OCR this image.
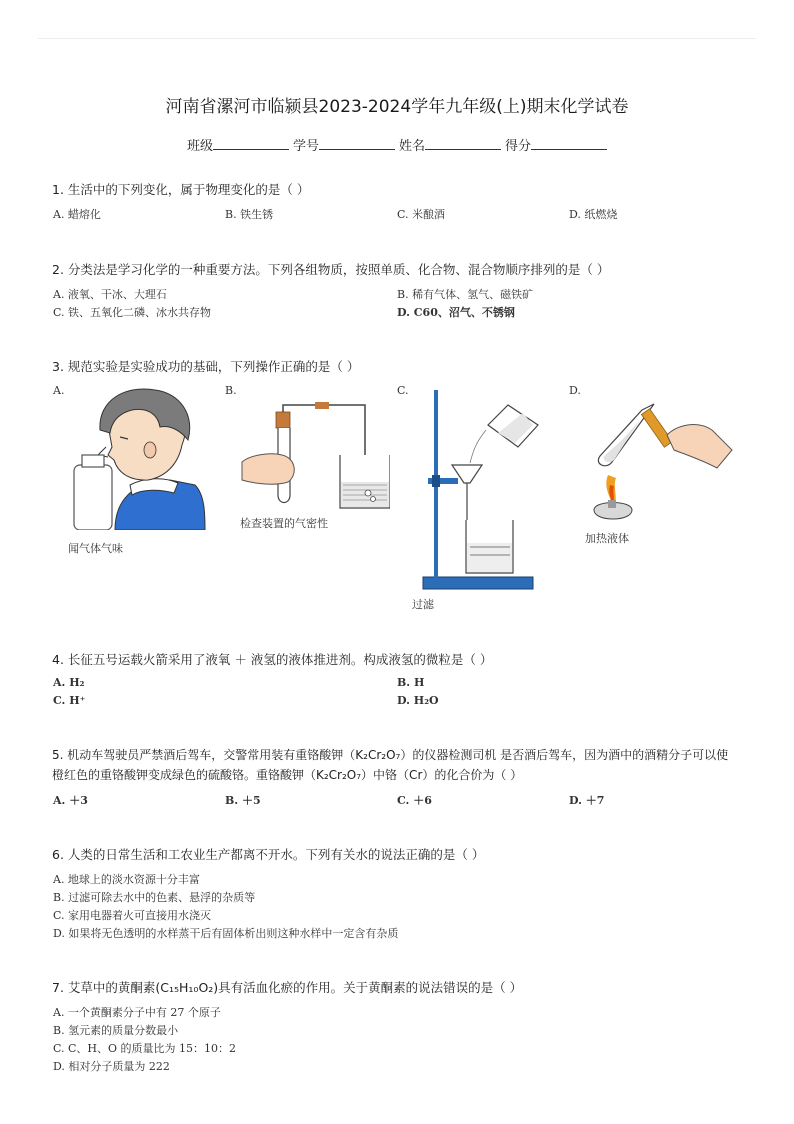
河南省漯河市临颍县2023-2024学年九年级(上)期末化学试卷
班级	学号	姓名	得分
1. 生活中的下列变化，属于物理变化的是（ ）
A. 蜡熔化	B. 铁生锈	C. 米酿酒	D. 纸燃烧
2. 分类法是学习化学的一种重要方法。下列各组物质，按照单质、化合物、混合物顺序排列的是（ ）
A. 液氧、干冰、大理石	B. 稀有气体、氢气、磁铁矿
C. 铁、五氧化二磷、冰水共存物	D. C60、沼气、不锈钢
3. 规范实验是实验成功的基础，下列操作正确的是（ ）
A.	B.	C.	D.
闻气体气味
检查装置的气密性
过滤
加热液体
4. 长征五号运载火箭采用了液氧 ＋ 液氢的液体推进剂。构成液氢的微粒是（ ）
A. H₂	B. H
C. H⁺	D. H₂O
5. 机动车驾驶员严禁酒后驾车，交警常用装有重铬酸钾（K₂Cr₂O₇）的仪器检测司机 是否酒后驾车，因为酒中的酒精分子可以使
橙红色的重铬酸钾变成绿色的硫酸铬。重铬酸钾（K₂Cr₂O₇）中铬（Cr）的化合价为（ ）
A. ＋3	B. ＋5	C. ＋6	D. ＋7
6. 人类的日常生活和工农业生产都离不开水。下列有关水的说法正确的是（ ）
A. 地球上的淡水资源十分丰富
B. 过滤可除去水中的色素、悬浮的杂质等
C. 家用电器着火可直接用水浇灭
D. 如果将无色透明的水样蒸干后有固体析出则这种水样中一定含有杂质
7. 艾草中的黄酮素(C₁₅H₁₀O₂)具有活血化瘀的作用。关于黄酮素的说法错误的是（ ）
A. 一个黄酮素分子中有 27 个原子
B. 氢元素的质量分数最小
C. C、H、O 的质量比为 15：10：2
D. 相对分子质量为 222
